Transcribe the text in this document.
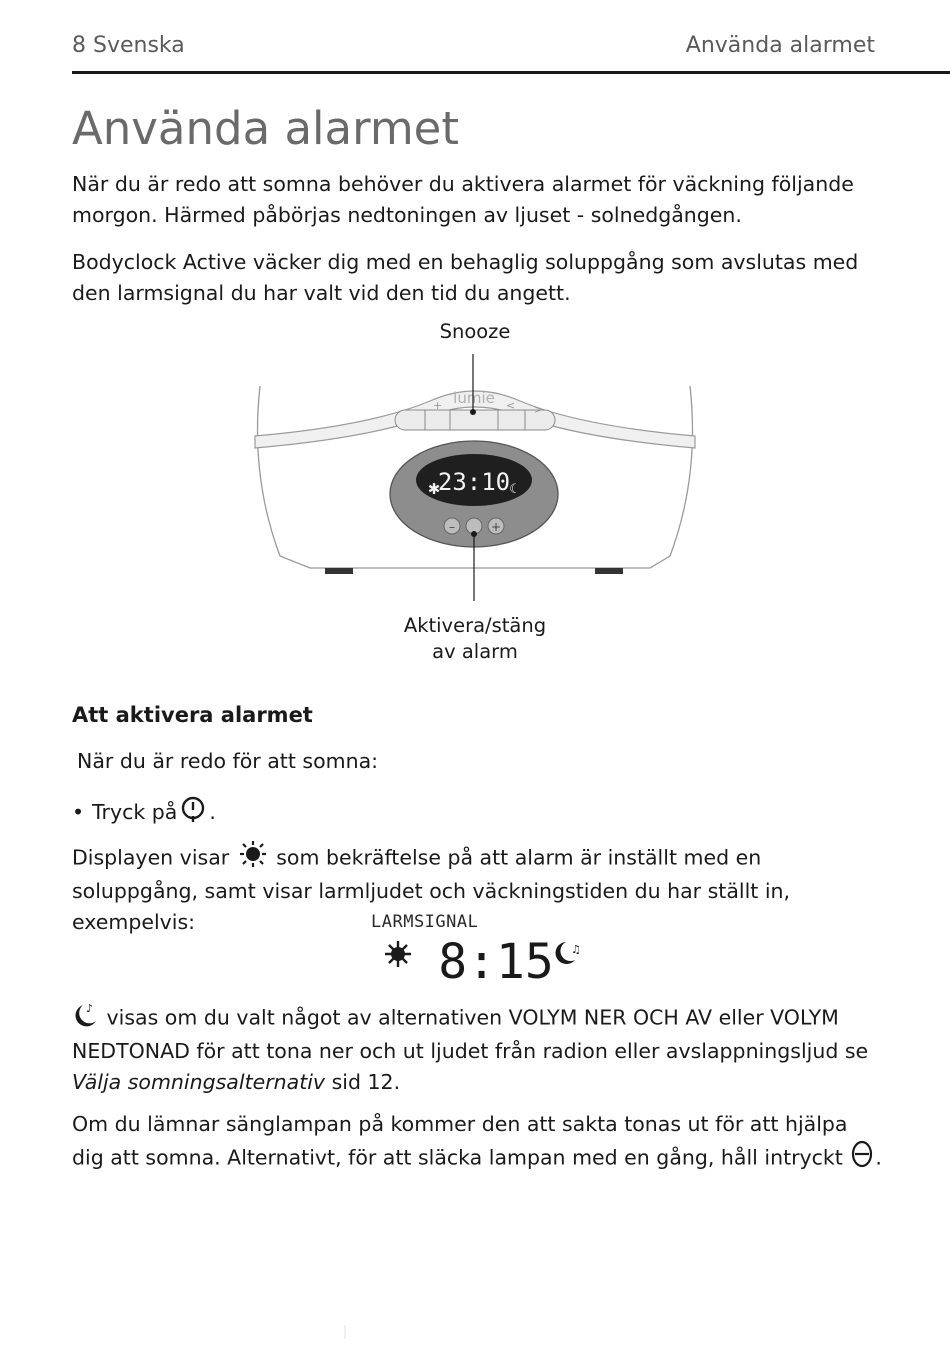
8 Svenska	Använda alarmet
Använda alarmet

När du är redo att somna behöver du aktivera alarmet för väckning följande morgon. Härmed påbörjas nedtoningen av ljuset - solnedgången.

Bodyclock Active väcker dig med en behaglig soluppgång som avslutas med den larmsignal du har valt vid den tid du angett.

Snooze
– +	< >
lumie
23:10
✱	☾
–	+
Aktivera/stäng
av alarm
Att aktivera alarmet
När du är redo för att somna:
• Tryck på .

Displayen visar som bekräftelse på att alarm är inställt med en soluppgång, samt visar larmljudet och väckningstiden du har ställt in, exempelvis:	LARMSIGNAL
8:15 ♫

♪ visas om du valt något av alternativen VOLYM NER OCH AV eller VOLYM NEDTONAD för att tona ner och ut ljudet från radion eller avslappningsljud se Välja somningsalternativ sid 12.

Om du lämnar sänglampan på kommer den att sakta tonas ut för att hjälpa dig att somna. Alternativt, för att släcka lampan med en gång, håll intryckt .
